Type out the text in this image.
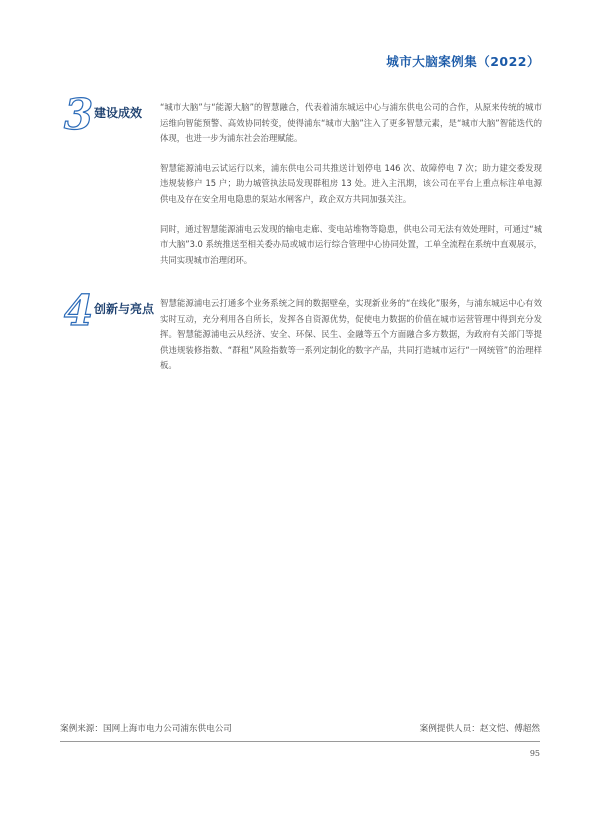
城市大脑案例集（2022）
3 建设成效 “城市大脑”与“能源大脑”的智慧融合，代表着浦东城运中心与浦东供电公司的合作，从原来传统的城市运维向智能预警、高效协同转变，使得浦东“城市大脑”注入了更多智慧元素，是“城市大脑”智能迭代的体现，也进一步为浦东社会治理赋能。

智慧能源浦电云试运行以来，浦东供电公司共推送计划停电 146 次、故障停电 7 次；助力建交委发现违规装修户 15 户；助力城管执法局发现群租房 13 处。进入主汛期，该公司在平台上重点标注单电源供电及存在安全用电隐患的泵站水闸客户，政企双方共同加强关注。

同时，通过智慧能源浦电云发现的输电走廊、变电站堆物等隐患，供电公司无法有效处理时，可通过“城市大脑”3.0 系统推送至相关委办局或城市运行综合管理中心协同处置，工单全流程在系统中直观展示，共同实现城市治理闭环。

4 创新与亮点 智慧能源浦电云打通多个业务系统之间的数据壁垒，实现新业务的“在线化”服务，与浦东城运中心有效实时互动，充分利用各自所长，发挥各自资源优势，促使电力数据的价值在城市运营管理中得到充分发挥。智慧能源浦电云从经济、安全、环保、民生、金融等五个方面融合多方数据，为政府有关部门等提供违规装修指数、“群租”风险指数等一系列定制化的数字产品，共同打造城市运行“一网统管”的治理样板。

案例来源：国网上海市电力公司浦东供电公司	案例提供人员：赵文恺、傅超然
95
